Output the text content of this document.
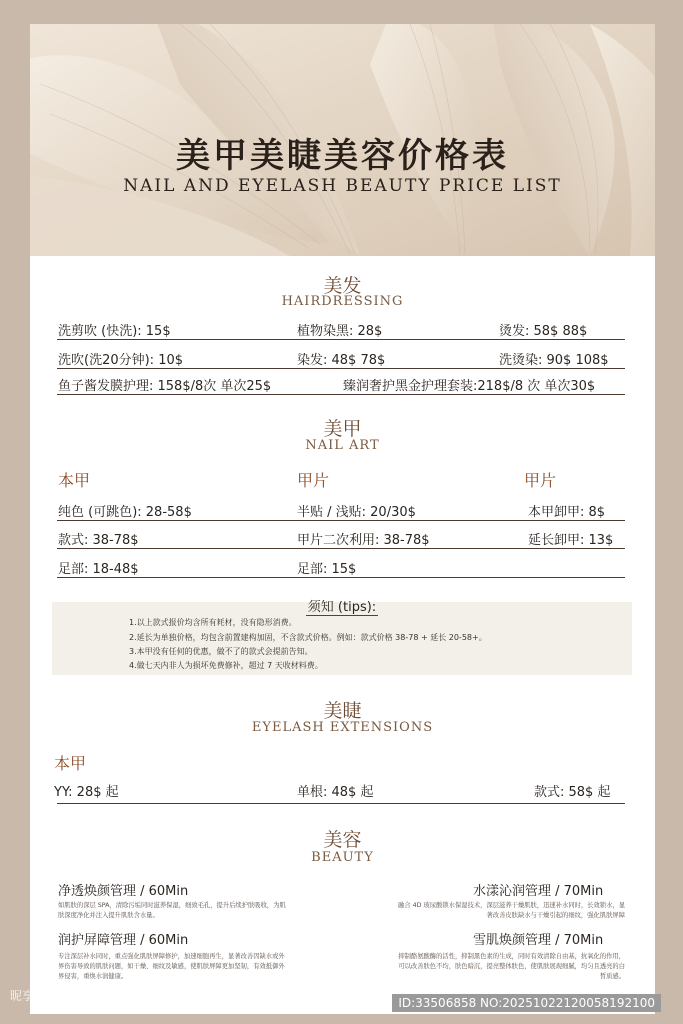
美甲美睫美容价格表
NAIL AND EYELASH BEAUTY PRICE LIST
美发
HAIRDRESSING
洗剪吹 (快洗): 15$	植物染黑: 28$	烫发: 58$ 88$
洗吹(洗20分钟): 10$	染发: 48$ 78$	洗烫染: 90$ 108$
鱼子酱发膜护理: 158$/8次 单次25$	臻润奢护黑金护理套装:218$/8 次 单次30$
美甲
NAIL ART
本甲	甲片	甲片
纯色 (可跳色): 28-58$	半贴 / 浅贴: 20/30$	本甲卸甲: 8$
款式: 38-78$	甲片二次利用: 38-78$	延长卸甲: 13$
足部: 18-48$	足部: 15$
须知 (tips):
1.以上款式报价均含所有耗材，没有隐形消费。
2.延长为单独价格，均包含前置建构加固，不含款式价格。例如：款式价格 38-78 + 延长 20-58+。
3.本甲没有任何的优惠，做不了的款式会提前告知。
4.做七天内非人为损坏免费修补，超过 7 天收材料费。
美睫
EYELASH EXTENSIONS
本甲
YY: 28$ 起	单根: 48$ 起	款式: 58$ 起
美容
BEAUTY
净透焕颜管理 / 60Min
如肌肤的深层 SPA，清除污垢同时滋养保湿，细致毛孔，提升后续护肤吸收，为肌肤深度净化并注入提升肌肤含水量。
水漾沁润管理 / 70Min
融合 4D 玻尿酸锁水保湿技术，深层滋养干燥肌肤，迅速补水同时，长效锁水，显著改善皮肤缺水与干燥引起的细纹，强化肌肤屏障
润护屏障管理 / 60Min
专注深层补水同时，重点强化肌肤屏障修护，加速细胞再生，显著改善因缺水或外界伤害导致的肌肤问题，如干燥、细纹及敏感，使肌肤屏障更加坚韧，有效抵御外界侵害，重焕水润健康。
雪肌焕颜管理 / 70Min
抑制酪氨酸酶的活性，抑制黑色素的生成，同时有效清除自由基，抗氧化的作用，可以改善肤色不均，肤色暗沉，提亮整体肤色，使肌肤展现细腻，均匀且透亮的白皙质感。
昵享网 www.nipic.cn	ID:33506858 NO:20251022120058192100
